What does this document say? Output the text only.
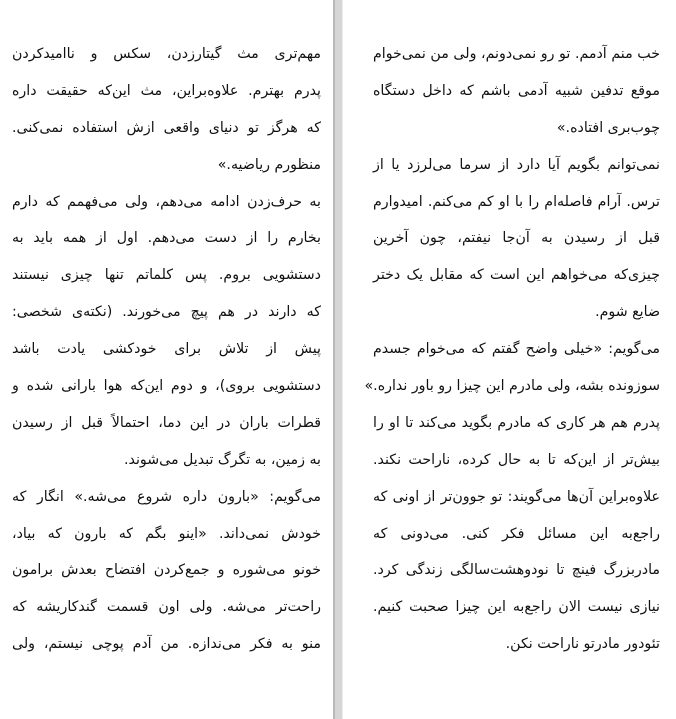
مهم‌تری مث گیتارزدن، سکس و ناامیدکردن
پدرم بهترم. علاوه‌براین، مث این‌که حقیقت داره
که هرگز تو دنیای واقعی ازش استفاده نمی‌کنی.
منظورم ریاضیه.»
به حرف‌زدن ادامه می‌دهم، ولی می‌فهمم که دارم
بخارم را از دست می‌دهم. اول از همه باید به
دستشویی بروم. پس کلماتم تنها چیزی نیستند
که دارند در هم پیچ می‌خورند. (نکته‌ی شخصی:
پیش از تلاش برای خودکشی یادت باشد
دستشویی بروی)، و دوم این‌که هوا بارانی شده و
قطرات باران در این دما، احتمالاً قبل از رسیدن
به زمین، به تگرگ تبدیل می‌شوند.
می‌گویم: «بارون داره شروع می‌شه.» انگار که
خودش نمی‌داند. «اینو بگم که بارون که بیاد،
خونو می‌شوره و جمع‌کردن افتضاح بعدش برامون
راحت‌تر می‌شه. ولی اون قسمت گندکاریشه که
منو به فکر می‌ندازه. من آدم پوچی نیستم، ولی
خب منم آدمم. تو رو نمی‌دونم، ولی من نمی‌خوام
موقع تدفین شبیه آدمی باشم که داخل دستگاه
چوب‌بری افتاده.»
نمی‌توانم بگویم آیا دارد از سرما می‌لرزد یا از
ترس. آرام فاصله‌ام را با او کم می‌کنم. امیدوارم
قبل از رسیدن به آن‌جا نیفتم، چون آخرین
چیزی‌که می‌خواهم این است که مقابل یک دختر
ضایع شوم.
می‌گویم: «خیلی واضح گفتم که می‌خوام جسدم
سوزونده بشه، ولی مادرم این چیزا رو باور نداره.»
پدرم هم هر کاری که مادرم بگوید می‌کند تا او را
بیش‌تر از این‌که تا به حال کرده، ناراحت نکند.
علاوه‌براین آن‌ها می‌گویند: تو جوون‌تر از اونی که
راجع‌به این مسائل فکر کنی. می‌دونی که
مادربزرگ فینچ تا نودوهشت‌سالگی زندگی کرد.
نیازی نیست الان راجع‌به این چیزا صحبت کنیم.
تئودور مادرتو ناراحت نکن.
